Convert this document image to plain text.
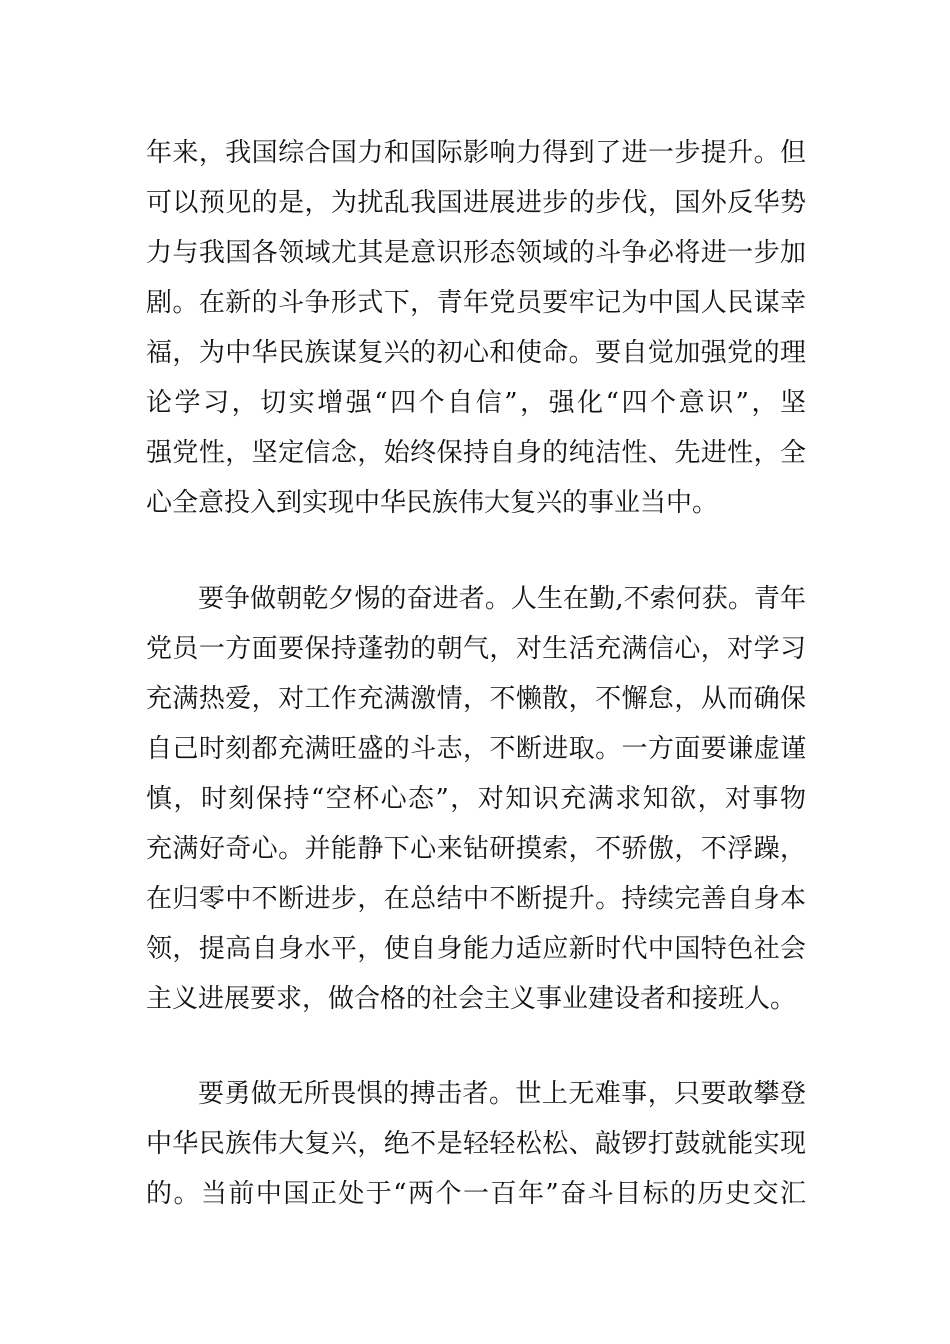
年来，我国综合国力和国际影响力得到了进一步提升。但
可以预见的是，为扰乱我国进展进步的步伐，国外反华势
力与我国各领域尤其是意识形态领域的斗争必将进一步加
剧。在新的斗争形式下，青年党员要牢记为中国人民谋幸
福，为中华民族谋复兴的初心和使命。要自觉加强党的理
论学习，切实增强“四个自信”，强化“四个意识”，坚
强党性，坚定信念，始终保持自身的纯洁性、先进性，全
心全意投入到实现中华民族伟大复兴的事业当中。
要争做朝乾夕惕的奋进者。人生在勤,不索何获。青年
党员一方面要保持蓬勃的朝气，对生活充满信心，对学习
充满热爱，对工作充满激情，不懒散，不懈怠，从而确保
自己时刻都充满旺盛的斗志，不断进取。一方面要谦虚谨
慎，时刻保持“空杯心态”，对知识充满求知欲，对事物
充满好奇心。并能静下心来钻研摸索，不骄傲，不浮躁，
在归零中不断进步，在总结中不断提升。持续完善自身本
领，提高自身水平，使自身能力适应新时代中国特色社会
主义进展要求，做合格的社会主义事业建设者和接班人。
要勇做无所畏惧的搏击者。世上无难事，只要敢攀登
中华民族伟大复兴，绝不是轻轻松松、敲锣打鼓就能实现
的。当前中国正处于“两个一百年”奋斗目标的历史交汇
